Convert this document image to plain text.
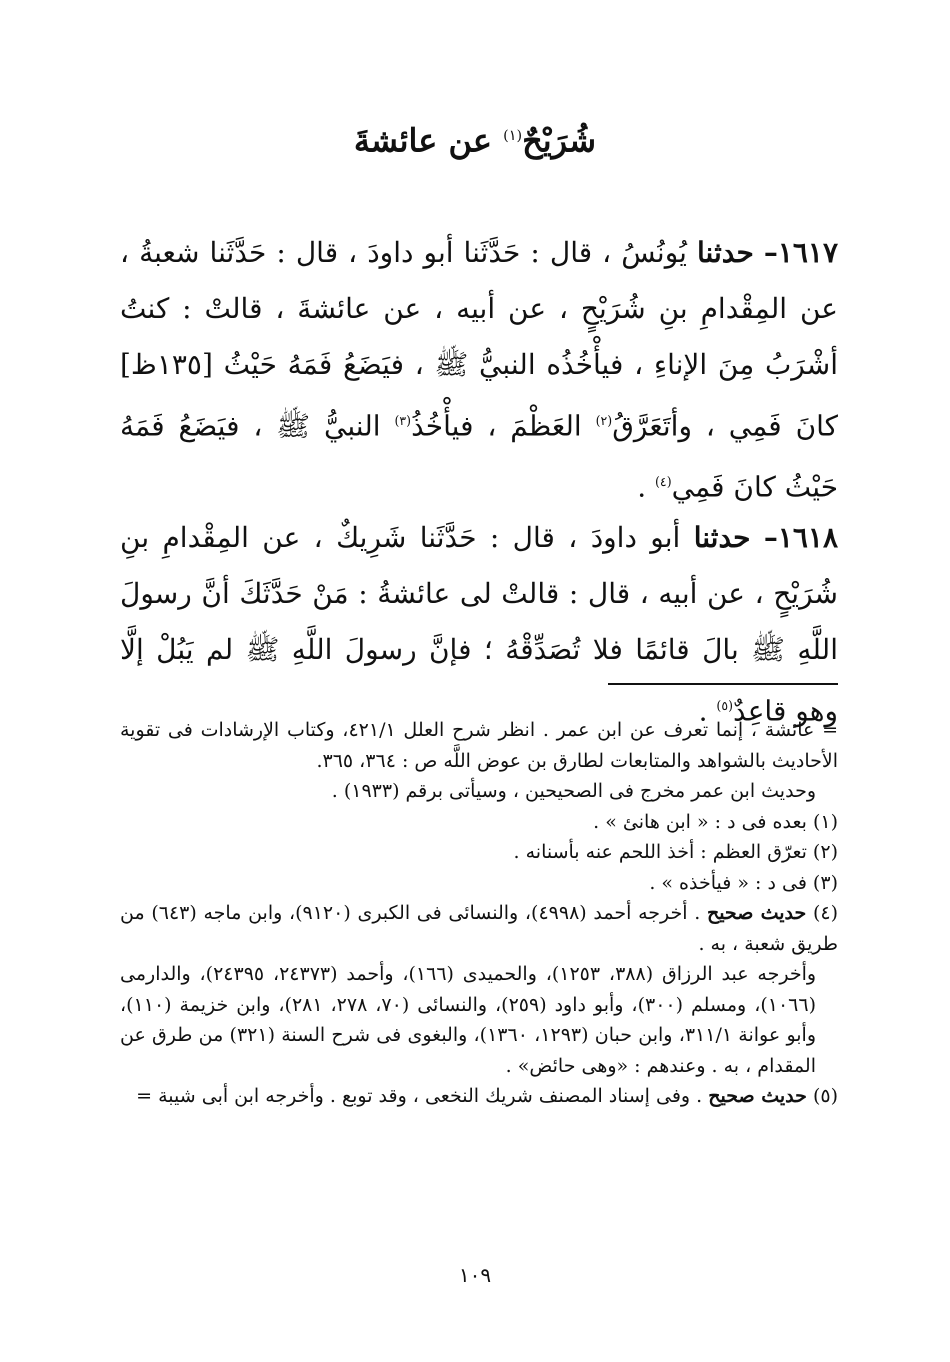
شُرَيْحٌ$^{(١)}$ عن عائشةَ
١٦١٧– حدثنا يُونُسُ ، قال : حَدَّثَنا أبو داودَ ، قال : حَدَّثَنا شعبةُ ، عن المِقْدامِ بنِ شُرَيْحٍ ، عن أبيه ، عن عائشةَ ، قالتْ : كنتُ أشْرَبُ مِنَ الإناءِ ، فيأْخُذُه النبيُّ ﷺ ، فيَضَعُ فَمَهُ حَيْثُ [١٣٥ظ] كانَ فَمِي ، وأتَعَرَّقُ$^{(٢)}$ العَظْمَ ، فيأْخُذُ$^{(٣)}$ النبيُّ ﷺ ، فيَضَعُ فَمَهُ حَيْثُ كانَ فَمِي$^{(٤)}$ .
١٦١٨– حدثنا أبو داودَ ، قال : حَدَّثَنا شَرِيكٌ ، عن المِقْدامِ بنِ شُرَيْحٍ ، عن أبيه ، قال : قالتْ لى عائشةُ : مَنْ حَدَّثَكَ أنَّ رسولَ اللَّهِ ﷺ بالَ قائمًا فلا تُصَدِّقْهُ ؛ فإنَّ رسولَ اللَّهِ ﷺ لم يَبُلْ إلَّا وهو قاعِدٌ$^{(٥)}$ .

= عائشة ، إنما تعرف عن ابن عمر . انظر شرح العلل ٤٢١/١، وكتاب الإرشادات فى تقوية الأحاديث بالشواهد والمتابعات لطارق بن عوض اللَّه ص : ٣٦٤، ٣٦٥.

وحديث ابن عمر مخرج فى الصحيحين ، وسيأتى برقم (١٩٣٣) .

(١) بعده فى د : « ابن هانئ » .

(٢) تعرّق العظم : أخذ اللحم عنه بأسنانه .

(٣) فى د : « فيأخذه » .

(٤) حديث صحيح . أخرجه أحمد (٤٩٩٨)، والنسائى فى الكبرى (٩١٢٠)، وابن ماجه (٦٤٣) من طريق شعبة ، به .

وأخرجه عبد الرزاق (٣٨٨، ١٢٥٣)، والحميدى (١٦٦)، وأحمد (٢٤٣٧٣، ٢٤٣٩٥)، والدارمى (١٠٦٦)، ومسلم (٣٠٠)، وأبو داود (٢٥٩)، والنسائى (٧٠، ٢٧٨، ٢٨١)، وابن خزيمة (١١٠)، وأبو عوانة ٣١١/١، وابن حبان (١٢٩٣، ١٣٦٠)، والبغوى فى شرح السنة (٣٢١) من طرق عن المقدام ، به . وعندهم : «وهى حائض» .

(٥) حديث صحيح . وفى إسناد المصنف شريك النخعى ، وقد توبع . وأخرجه ابن أبى شيبة =

١٠٩
